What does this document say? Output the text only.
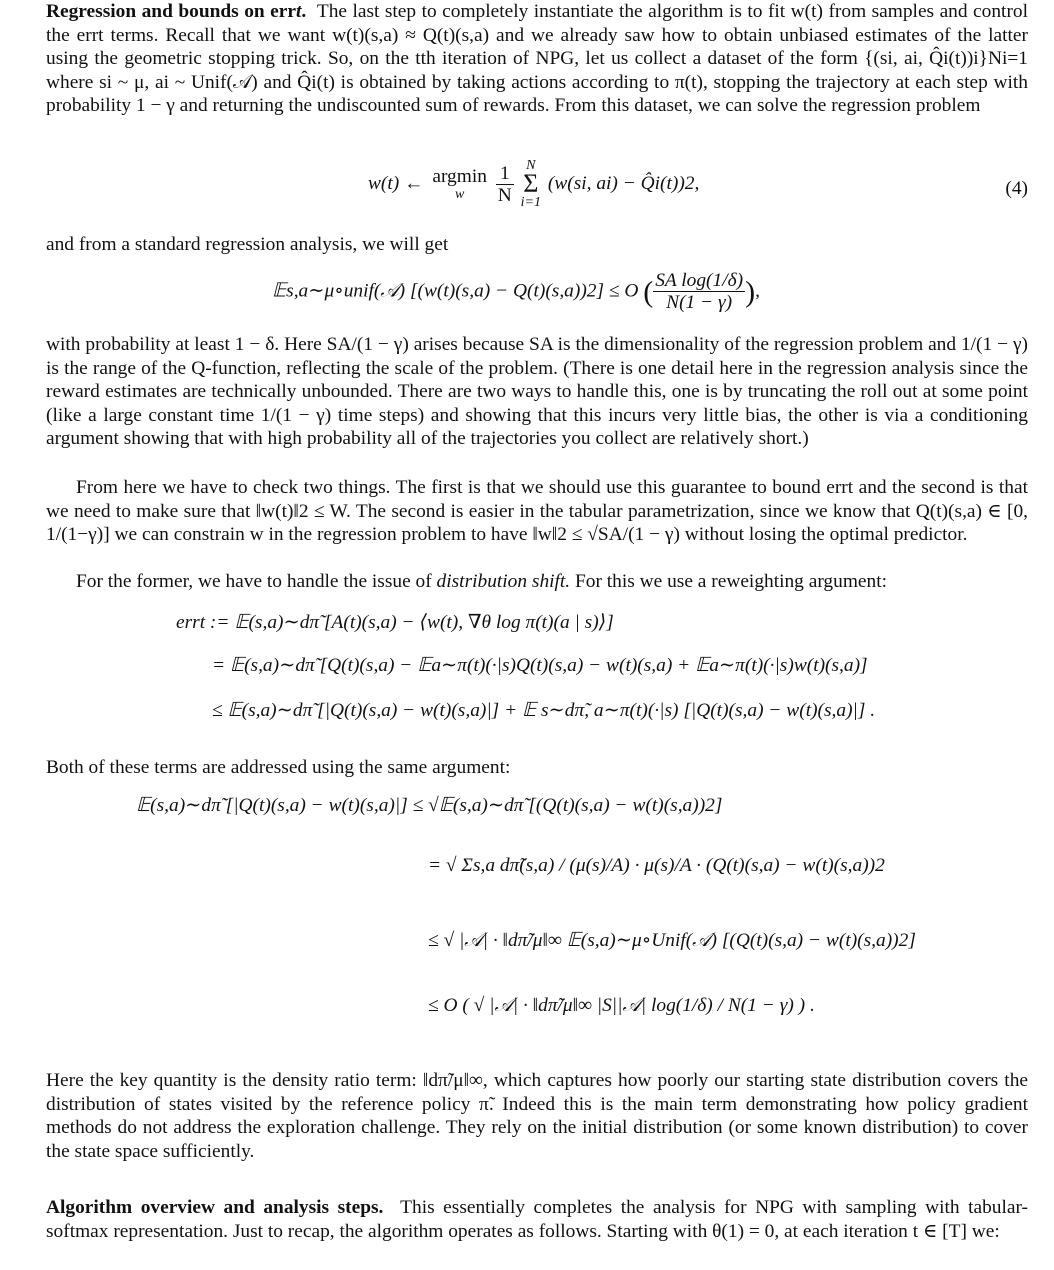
Regression and bounds on errt. The last step to completely instantiate the algorithm is to fit w(t) from samples and control the errt terms. Recall that we want w(t)(s,a) ≈ Q(t)(s,a) and we already saw how to obtain unbiased estimates of the latter using the geometric stopping trick. So, on the tth iteration of NPG, let us collect a dataset of the form {(si, ai, Q̂i(t))i}Ni=1 where si ~ μ, ai ~ Unif(𝒜) and Q̂i(t) is obtained by taking actions according to π(t), stopping the trajectory at each step with probability 1 − γ and returning the undiscounted sum of rewards. From this dataset, we can solve the regression problem
w(t) ← argmin
w
	$\frac{1}{N}$
N
Σ
i=1
(w(si, ai) − Q̂i(t))2,	(4)
and from a standard regression analysis, we will get
𝔼s,a∼μ∘unif(𝒜) [(w(t)(s,a) − Q(t)(s,a))2] ≤ O ( $\frac{\text{SA log(1/δ)}}{N(1 - \gamma)}$ ),
with probability at least 1 − δ. Here SA/(1 − γ) arises because SA is the dimensionality of the regression problem and 1/(1 − γ) is the range of the Q-function, reflecting the scale of the problem. (There is one detail here in the regression analysis since the reward estimates are technically unbounded. There are two ways to handle this, one is by truncating the roll out at some point (like a large constant time 1/(1 − γ) time steps) and showing that this incurs very little bias, the other is via a conditioning argument showing that with high probability all of the trajectories you collect are relatively short.)
From here we have to check two things. The first is that we should use this guarantee to bound errt and the second is that we need to make sure that ‖w(t)‖2 ≤ W. The second is easier in the tabular parametrization, since we know that Q(t)(s,a) ∈ [0, 1/(1−γ)] we can constrain w in the regression problem to have ‖w‖2 ≤ √SA/(1 − γ) without losing the optimal predictor.
For the former, we have to handle the issue of distribution shift. For this we use a reweighting argument:
errt := 𝔼(s,a)∼dπ̃ [A(t)(s,a) − ⟨w(t), ∇θ log π(t)(a | s)⟩]
= 𝔼(s,a)∼dπ̃ [Q(t)(s,a) − 𝔼a∼π(t)(·|s)Q(t)(s,a) − w(t)(s,a) + 𝔼a∼π(t)(·|s)w(t)(s,a)]
≤ 𝔼(s,a)∼dπ̃ [|Q(t)(s,a) − w(t)(s,a)|] + 𝔼 s∼dπ̃, a∼π(t)(·|s) [|Q(t)(s,a) − w(t)(s,a)|] .
Both of these terms are addressed using the same argument:
𝔼(s,a)∼dπ̃ [|Q(t)(s,a) − w(t)(s,a)|] ≤ √𝔼(s,a)∼dπ̃ [(Q(t)(s,a) − w(t)(s,a))2]
= √ Σs,a dπ̃(s,a) / (μ(s)/A) · μ(s)/A · (Q(t)(s,a) − w(t)(s,a))2
≤ √ |𝒜| · ‖dπ̃/μ‖∞ 𝔼(s,a)∼μ∘Unif(𝒜) [(Q(t)(s,a) − w(t)(s,a))2]
≤ O ( √ |𝒜| · ‖dπ̃/μ‖∞ |S||𝒜| log(1/δ) / N(1 − γ) ) .
Here the key quantity is the density ratio term: ‖dπ̃/μ‖∞, which captures how poorly our starting state distribution covers the distribution of states visited by the reference policy π̃. Indeed this is the main term demonstrating how policy gradient methods do not address the exploration challenge. They rely on the initial distribution (or some known distribution) to cover the state space sufficiently.
Algorithm overview and analysis steps. This essentially completes the analysis for NPG with sampling with tabular-softmax representation. Just to recap, the algorithm operates as follows. Starting with θ(1) = 0, at each iteration t ∈ [T] we:
